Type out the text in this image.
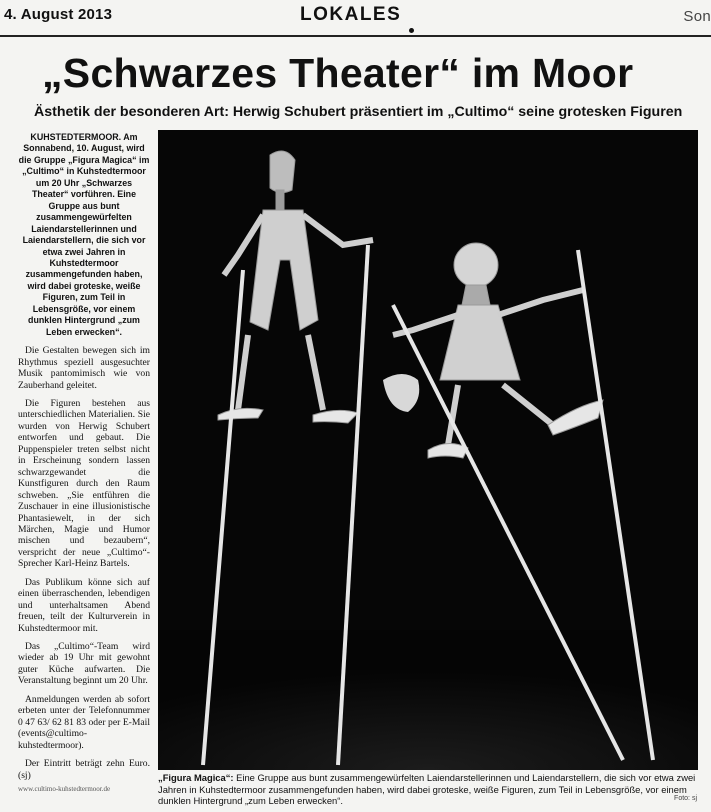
4. August 2013	LOKALES	Son
„Schwarzes Theater“ im Moor
Ästhetik der besonderen Art: Herwig Schubert präsentiert im „Cultimo“ seine grotesken Figuren

KUHSTEDTERMOOR. Am Sonnabend, 10. August, wird die Gruppe „Figura Magica“ im „Cultimo“ in Kuhstedtermoor um 20 Uhr „Schwarzes Theater“ vorführen. Eine Gruppe aus bunt zusammengewürfelten Laiendarstellerinnen und Laiendarstellern, die sich vor etwa zwei Jahren in Kuhstedtermoor zusammengefunden haben, wird dabei groteske, weiße Figuren, zum Teil in Lebensgröße, vor einem dunklen Hintergrund „zum Leben erwecken“.

Die Gestalten bewegen sich im Rhythmus speziell ausgesuchter Musik pantomimisch wie von Zauberhand geleitet.

Die Figuren bestehen aus unterschiedlichen Materialien. Sie wurden von Herwig Schubert entworfen und gebaut. Die Puppenspieler treten selbst nicht in Erscheinung sondern lassen schwarzgewandet die Kunstfiguren durch den Raum schweben. „Sie entführen die Zuschauer in eine illusionistische Phantasiewelt, in der sich Märchen, Magie und Humor mischen und bezaubern“, verspricht der neue „Cultimo“-Sprecher Karl-Heinz Bartels.

Das Publikum könne sich auf einen überraschenden, lebendigen und unterhaltsamen Abend freuen, teilt der Kulturverein in Kuhstedtermoor mit.

Das „Cultimo“-Team wird wieder ab 19 Uhr mit gewohnt guter Küche aufwarten. Die Veranstaltung beginnt um 20 Uhr.

Anmeldungen werden ab sofort erbeten unter der Telefonnummer 0 47 63/ 62 81 83 oder per E-Mail (events@cultimo-kuhstedtermoor).

Der Eintritt beträgt zehn Euro. (sj)

www.cultimo-kuhstedtermoor.de

„Figura Magica“: Eine Gruppe aus bunt zusammengewürfelten Laiendarstellerinnen und Laiendarstellern, die sich vor etwa zwei Jahren in Kuhstedtermoor zusammengefunden haben, wird dabei groteske, weiße Figuren, zum Teil in Lebensgröße, vor einem dunklen Hintergrund „zum Leben erwecken“.	Foto: sj
